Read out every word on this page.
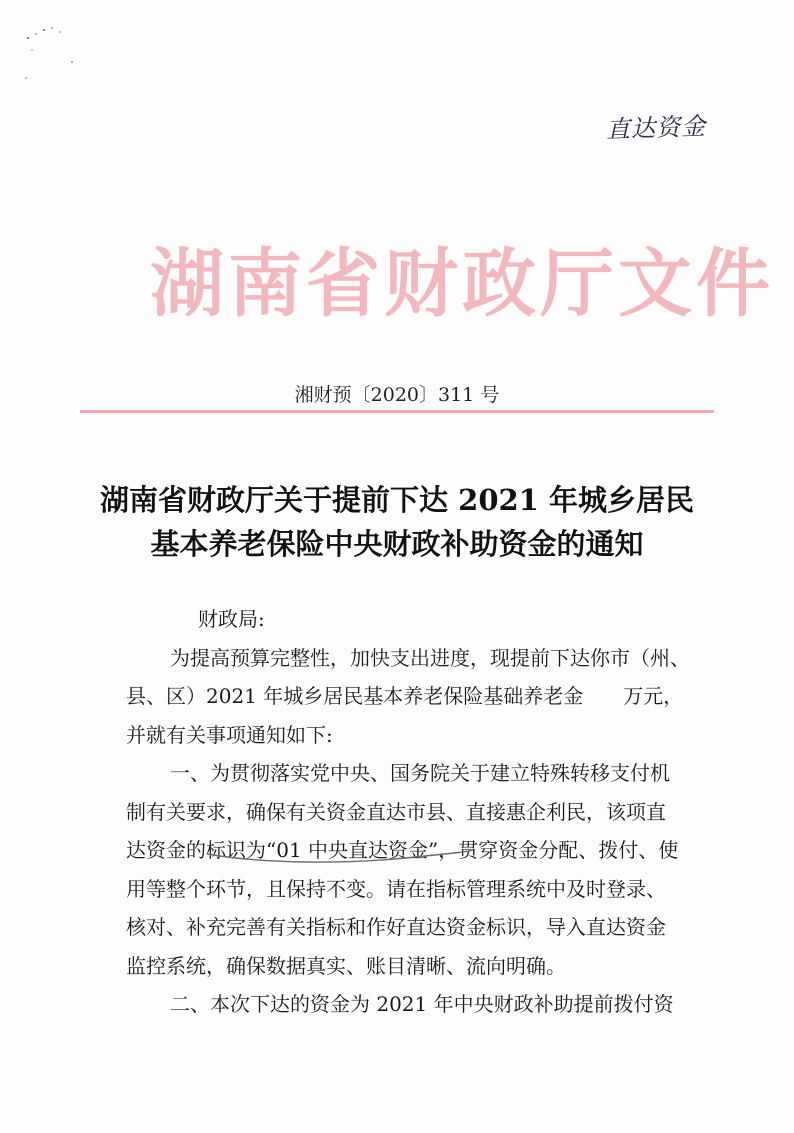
直达资金
湖南省财政厅文件
湘财预〔2020〕311 号
湖南省财政厅关于提前下达 2021 年城乡居民
基本养老保险中央财政补助资金的通知

财政局:

为提高预算完整性，加快支出进度，现提前下达你市（州、

县、区）2021 年城乡居民基本养老保险基础养老金　　万元，

并就有关事项通知如下:

一、为贯彻落实党中央、国务院关于建立特殊转移支付机

制有关要求，确保有关资金直达市县、直接惠企利民，该项直

达资金的标识为“01 中央直达资金”，贯穿资金分配、拨付、使

用等整个环节，且保持不变。请在指标管理系统中及时登录、

核对、补充完善有关指标和作好直达资金标识，导入直达资金

监控系统，确保数据真实、账目清晰、流向明确。

二、本次下达的资金为 2021 年中央财政补助提前拨付资
